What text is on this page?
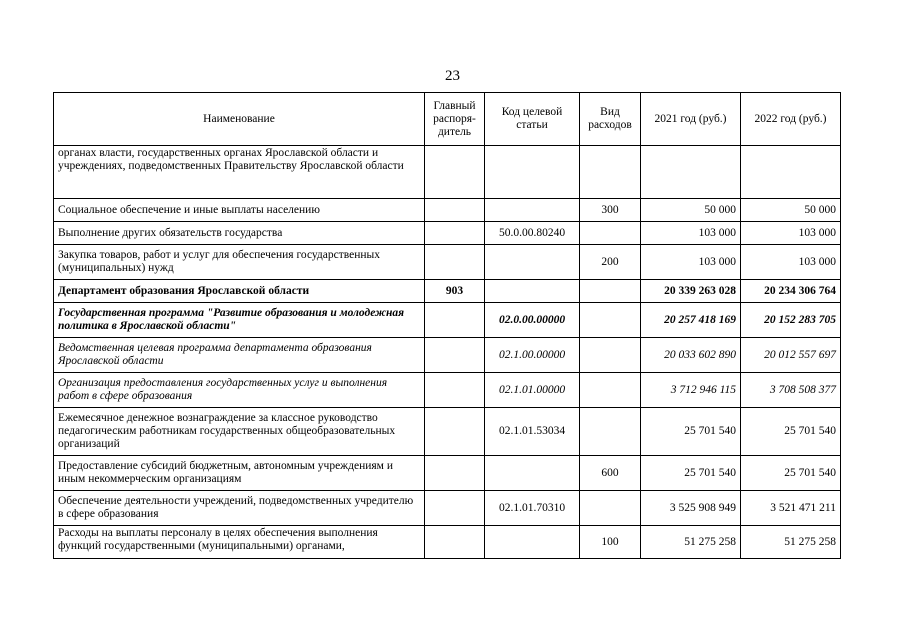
23
Наименование	Главный распоря-дитель	Код целевой статьи	Вид расходов	2021 год (руб.)	2022 год (руб.)
органах власти, государственных органах Ярославской области и учреждениях, подведомственных Правительству Ярославской области					
Социальное обеспечение и иные выплаты населению			300	50 000	50 000
Выполнение других обязательств государства		50.0.00.80240		103 000	103 000
Закупка товаров, работ и услуг для обеспечения государственных (муниципальных) нужд			200	103 000	103 000
Департамент образования Ярославской области	903			20 339 263 028	20 234 306 764
Государственная программа "Развитие образования и молодежная политика в Ярославской области"		02.0.00.00000		20 257 418 169	20 152 283 705
Ведомственная целевая программа департамента образования Ярославской области		02.1.00.00000		20 033 602 890	20 012 557 697
Организация предоставления государственных услуг и выполнения работ в сфере образования		02.1.01.00000		3 712 946 115	3 708 508 377
Ежемесячное денежное вознаграждение за классное руководство педагогическим работникам государственных общеобразовательных организаций		02.1.01.53034		25 701 540	25 701 540
Предоставление субсидий бюджетным, автономным учреждениям и иным некоммерческим организациям			600	25 701 540	25 701 540
Обеспечение деятельности учреждений, подведомственных учредителю в сфере образования		02.1.01.70310		3 525 908 949	3 521 471 211
Расходы на выплаты персоналу в целях обеспечения выполнения функций государственными (муниципальными) органами,			100	51 275 258	51 275 258
